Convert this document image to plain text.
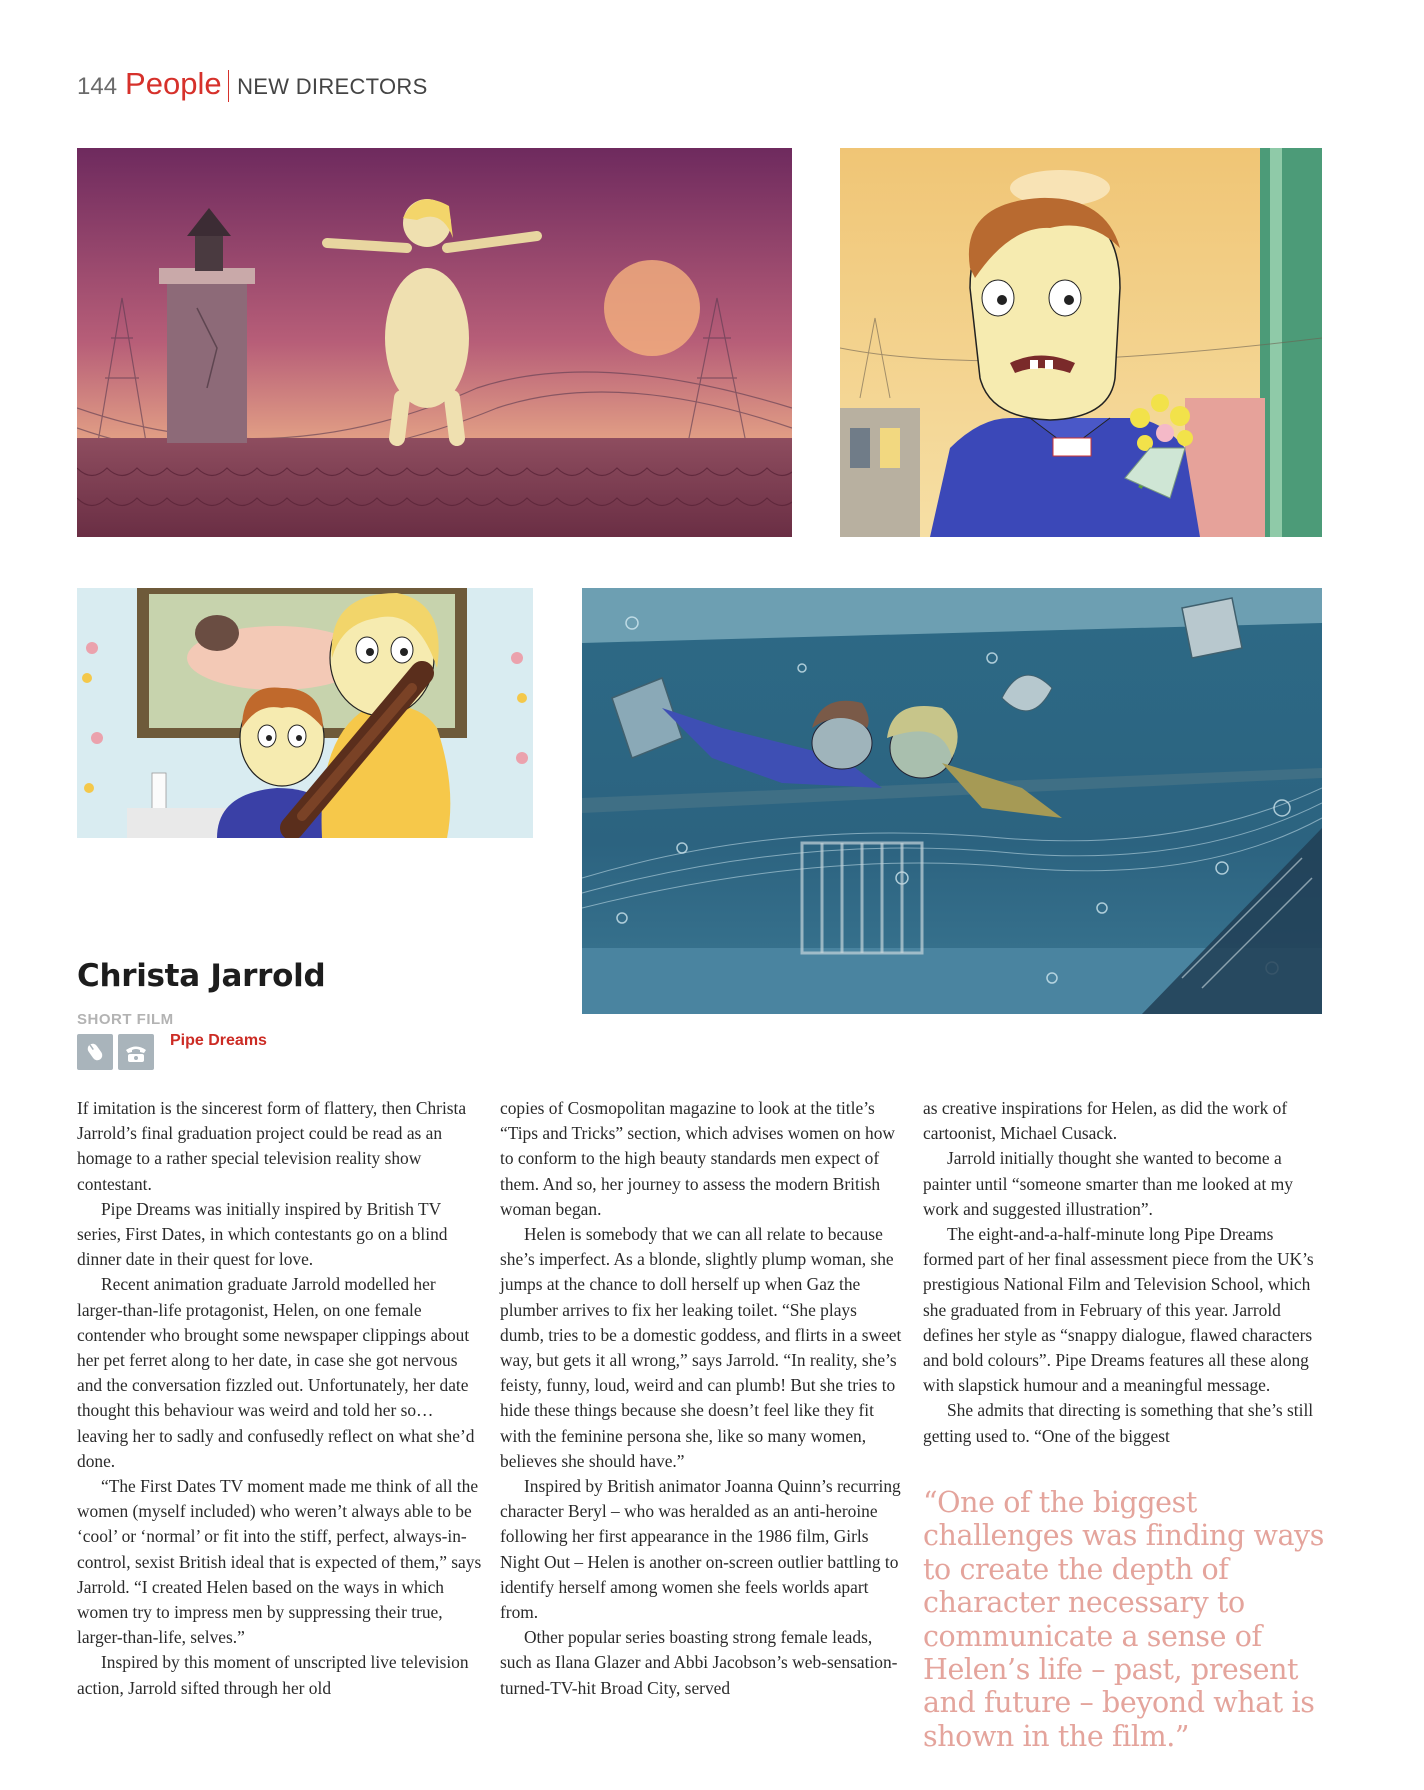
144 People NEW DIRECTORS
Christa Jarrold
SHORT FILM
Pipe Dreams

If imitation is the sincerest form of flattery, then Christa Jarrold’s final graduation project could be read as an homage to a rather special television reality show contestant.

Pipe Dreams was initially inspired by British TV series, First Dates, in which contestants go on a blind dinner date in their quest for love.

Recent animation graduate Jarrold modelled her larger-than-life protagonist, Helen, on one female contender who brought some newspaper clippings about her pet ferret along to her date, in case she got nervous and the conversation fizzled out. Unfortunately, her date thought this behaviour was weird and told her so… leaving her to sadly and confusedly reflect on what she’d done.

“The First Dates TV moment made me think of all the women (myself included) who weren’t always able to be ‘cool’ or ‘normal’ or fit into the stiff, perfect, always-in-control, sexist British ideal that is expected of them,” says Jarrold. “I created Helen based on the ways in which women try to impress men by suppressing their true, larger-than-life, selves.”

Inspired by this moment of unscripted live television action, Jarrold sifted through her old

copies of Cosmopolitan magazine to look at the title’s “Tips and Tricks” section, which advises women on how to conform to the high beauty standards men expect of them. And so, her journey to assess the modern British woman began.

Helen is somebody that we can all relate to because she’s imperfect. As a blonde, slightly plump woman, she jumps at the chance to doll herself up when Gaz the plumber arrives to fix her leaking toilet. “She plays dumb, tries to be a domestic goddess, and flirts in a sweet way, but gets it all wrong,” says Jarrold. “In reality, she’s feisty, funny, loud, weird and can plumb! But she tries to hide these things because she doesn’t feel like they fit with the feminine persona she, like so many women, believes she should have.”

Inspired by British animator Joanna Quinn’s recurring character Beryl – who was heralded as an anti-heroine following her first appearance in the 1986 film, Girls Night Out – Helen is another on-screen outlier battling to identify herself among women she feels worlds apart from.

Other popular series boasting strong female leads, such as Ilana Glazer and Abbi Jacobson’s web-sensation-turned-TV-hit Broad City, served

as creative inspirations for Helen, as did the work of cartoonist, Michael Cusack.

Jarrold initially thought she wanted to become a painter until “someone smarter than me looked at my work and suggested illustration”.

The eight-and-a-half-minute long Pipe Dreams formed part of her final assessment piece from the UK’s prestigious National Film and Television School, which she graduated from in February of this year. Jarrold defines her style as “snappy dialogue, flawed characters and bold colours”. Pipe Dreams features all these along with slapstick humour and a meaningful message.

She admits that directing is something that she’s still getting used to. “One of the biggest

“One of the biggest challenges was finding ways to create the depth of character necessary to communicate a sense of Helen’s life – past, present and future – beyond what is shown in the film.”
